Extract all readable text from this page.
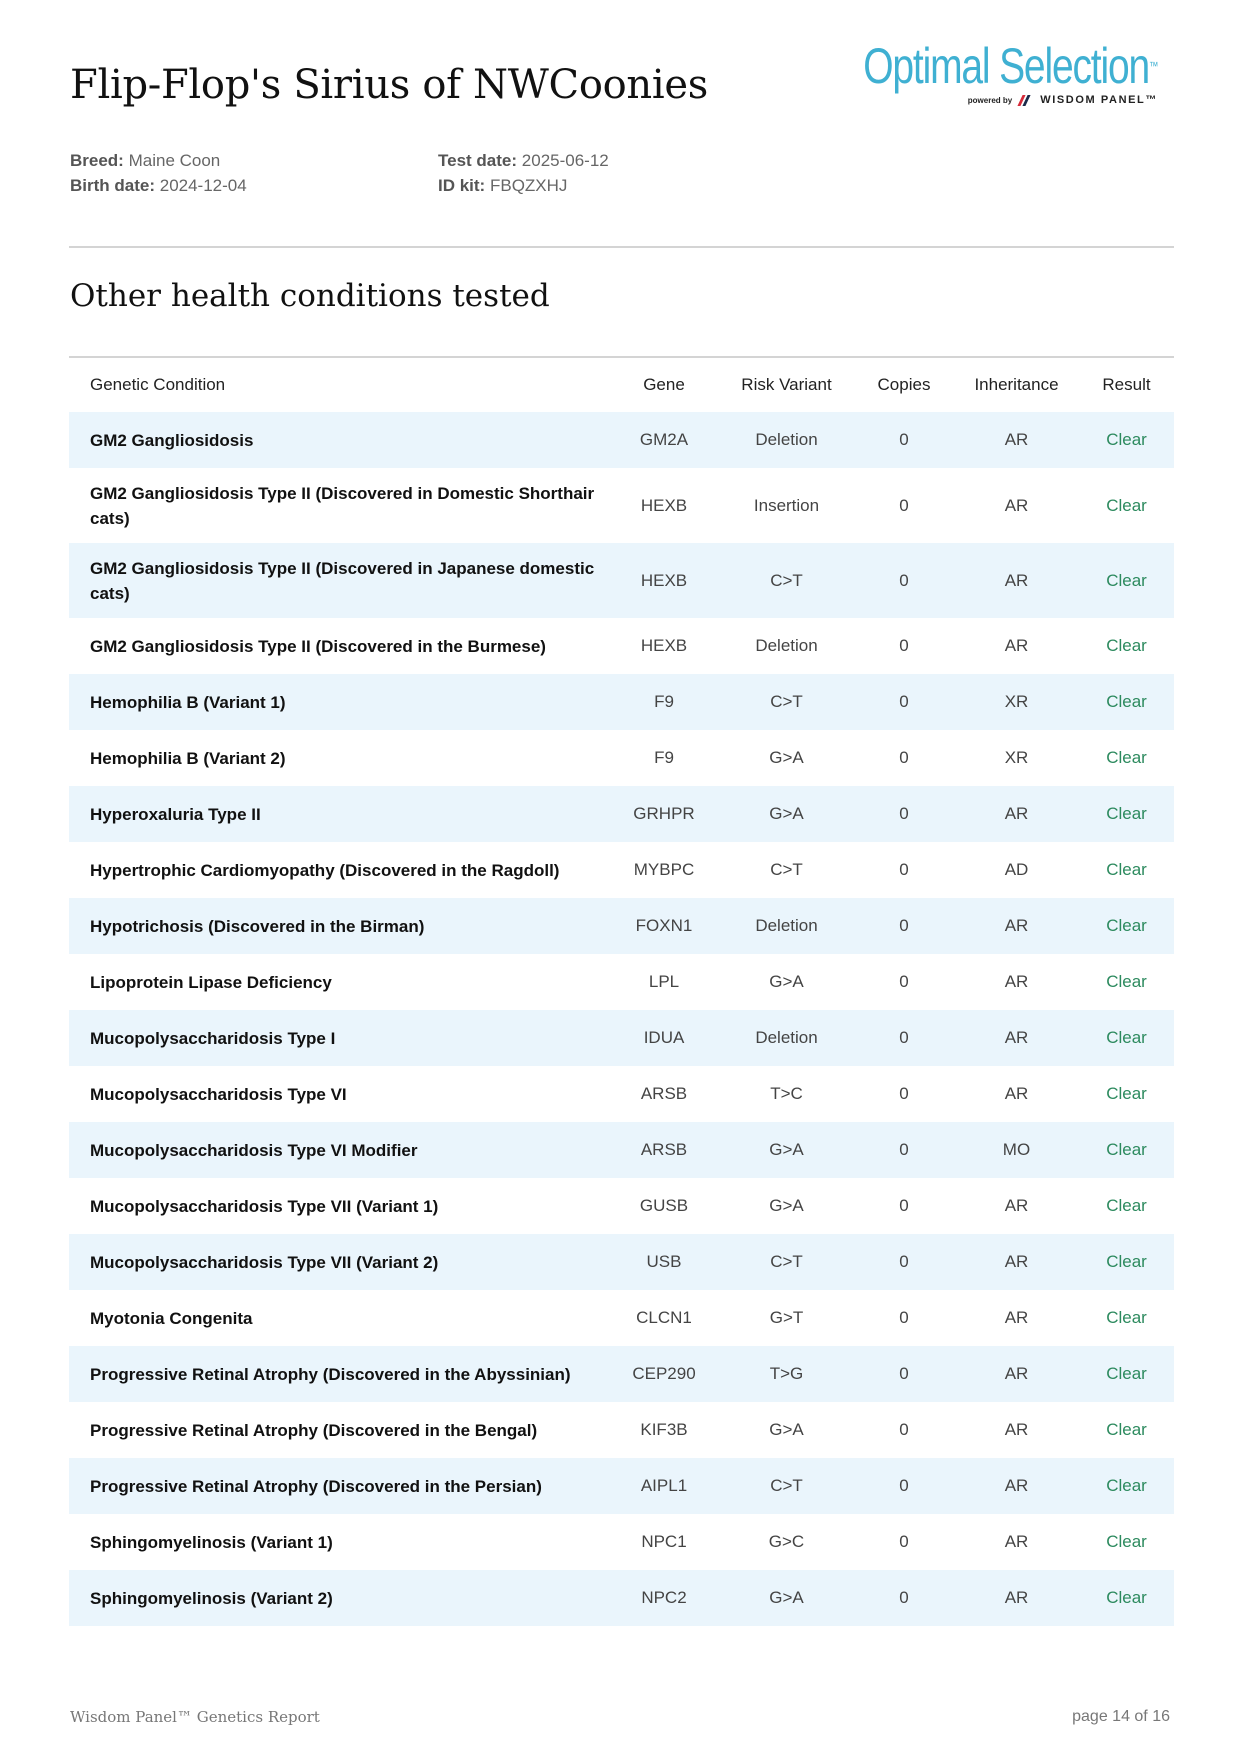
Flip-Flop's Sirius of NWCoonies	Optimal Selection™
powered by	WISDOM PANEL™
Breed: Maine Coon
Birth date: 2024-12-04
Test date: 2025-06-12
ID kit: FBQZXHJ
Other health conditions tested
Genetic Condition	Gene	Risk Variant	Copies	Inheritance	Result
GM2 Gangliosidosis	GM2A	Deletion	0	AR	Clear
GM2 Gangliosidosis Type II (Discovered in Domestic Shorthair cats)	HEXB	Insertion	0	AR	Clear
GM2 Gangliosidosis Type II (Discovered in Japanese domestic cats)	HEXB	C>T	0	AR	Clear
GM2 Gangliosidosis Type II (Discovered in the Burmese)	HEXB	Deletion	0	AR	Clear
Hemophilia B (Variant 1)	F9	C>T	0	XR	Clear
Hemophilia B (Variant 2)	F9	G>A	0	XR	Clear
Hyperoxaluria Type II	GRHPR	G>A	0	AR	Clear
Hypertrophic Cardiomyopathy (Discovered in the Ragdoll)	MYBPC	C>T	0	AD	Clear
Hypotrichosis (Discovered in the Birman)	FOXN1	Deletion	0	AR	Clear
Lipoprotein Lipase Deficiency	LPL	G>A	0	AR	Clear
Mucopolysaccharidosis Type I	IDUA	Deletion	0	AR	Clear
Mucopolysaccharidosis Type VI	ARSB	T>C	0	AR	Clear
Mucopolysaccharidosis Type VI Modifier	ARSB	G>A	0	MO	Clear
Mucopolysaccharidosis Type VII (Variant 1)	GUSB	G>A	0	AR	Clear
Mucopolysaccharidosis Type VII (Variant 2)	USB	C>T	0	AR	Clear
Myotonia Congenita	CLCN1	G>T	0	AR	Clear
Progressive Retinal Atrophy (Discovered in the Abyssinian)	CEP290	T>G	0	AR	Clear
Progressive Retinal Atrophy (Discovered in the Bengal)	KIF3B	G>A	0	AR	Clear
Progressive Retinal Atrophy (Discovered in the Persian)	AIPL1	C>T	0	AR	Clear
Sphingomyelinosis (Variant 1)	NPC1	G>C	0	AR	Clear
Sphingomyelinosis (Variant 2)	NPC2	G>A	0	AR	Clear
Wisdom Panel™ Genetics Report	page 14 of 16
